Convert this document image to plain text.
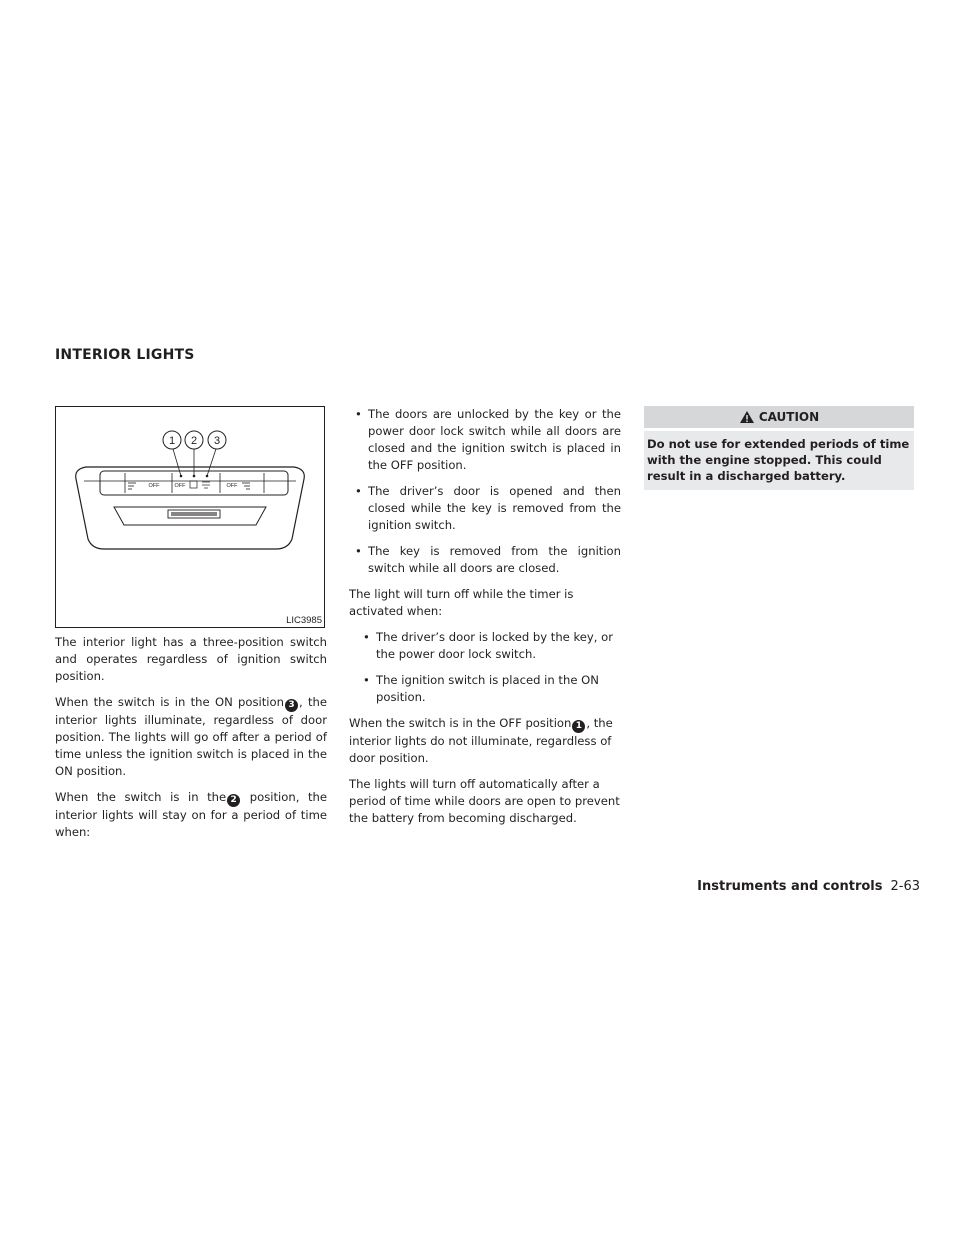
INTERIOR LIGHTS
1 2 3
OFF	OFF	OFF
LIC3985

The interior light has a three-position switch and operates regardless of ignition switch position.

When the switch is in the ON position 3 , the interior lights illuminate, regardless of door position. The lights will go off after a period of time unless the ignition switch is placed in the ON position.

When the switch is in the 2 position, the interior lights will stay on for a period of time when:

• The doors are unlocked by the key or the power door lock switch while all doors are closed and the ignition switch is placed in the OFF position.
• The driver’s door is opened and then closed while the key is removed from the ignition switch.
• The key is removed from the ignition switch while all doors are closed.

The light will turn off while the timer is activated when:

• The driver’s door is locked by the key, or the power door lock switch.
• The ignition switch is placed in the ON position.

When the switch is in the OFF position 1 , the interior lights do not illuminate, regardless of door position.

The lights will turn off automatically after a period of time while doors are open to prevent the battery from becoming discharged.

CAUTION
Do not use for extended periods of time with the engine stopped. This could result in a discharged battery.
Instruments and controls 2-63
